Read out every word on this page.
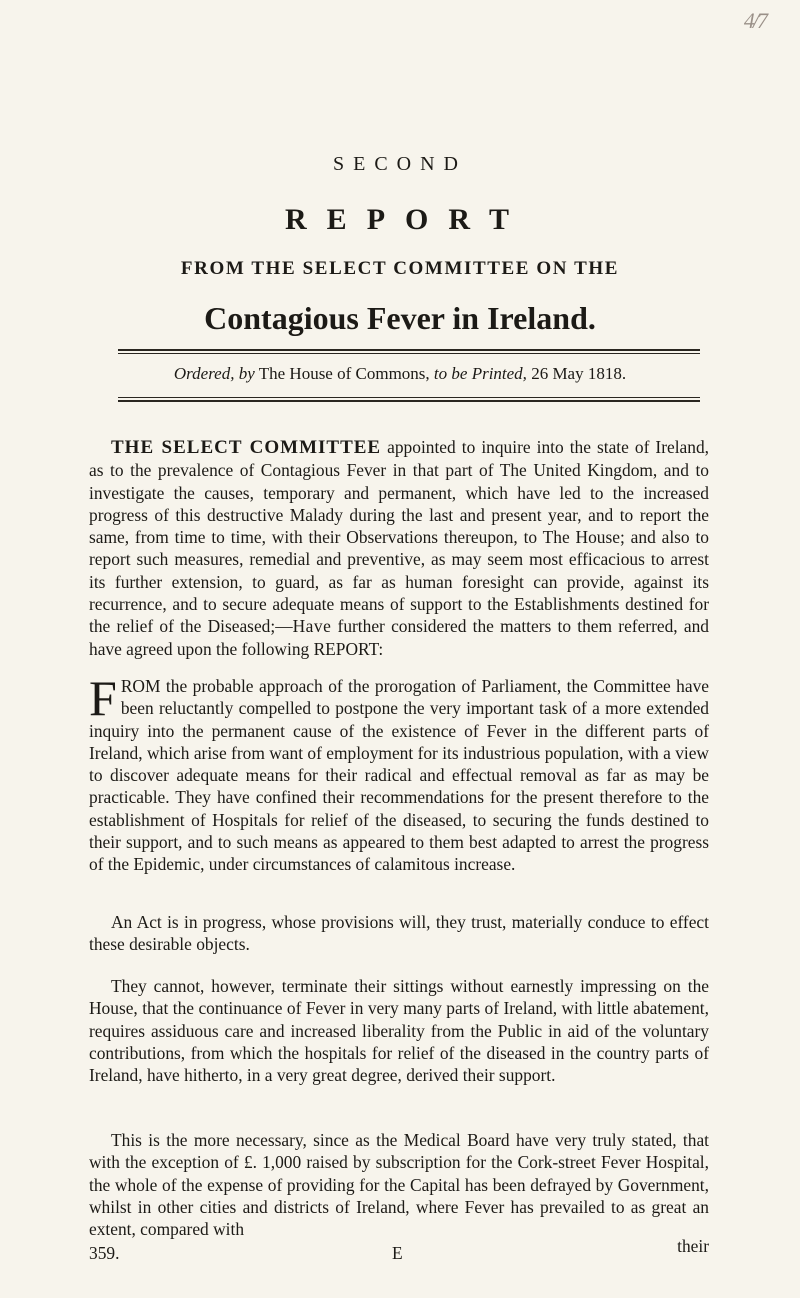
4/7
SECOND
REPORT
FROM THE SELECT COMMITTEE ON THE
Contagious Fever in Ireland.
Ordered, by The House of Commons, to be Printed, 26 May 1818.
THE SELECT COMMITTEE appointed to inquire into the state of Ireland, as to the prevalence of Contagious Fever in that part of The United Kingdom, and to investigate the causes, temporary and permanent, which have led to the increased progress of this destructive Malady during the last and present year, and to report the same, from time to time, with their Observations thereupon, to The House; and also to report such measures, remedial and preventive, as may seem most efficacious to arrest its further extension, to guard, as far as human foresight can provide, against its recurrence, and to secure adequate means of support to the Establishments destined for the relief of the Diseased;—Have further considered the matters to them referred, and have agreed upon the following REPORT:
FROM the probable approach of the prorogation of Parliament, the Committee have been reluctantly compelled to postpone the very important task of a more extended inquiry into the permanent cause of the existence of Fever in the different parts of Ireland, which arise from want of employment for its industrious population, with a view to discover adequate means for their radical and effectual removal as far as may be practicable. They have confined their recommendations for the present therefore to the establishment of Hospitals for relief of the diseased, to securing the funds destined to their support, and to such means as appeared to them best adapted to arrest the progress of the Epidemic, under circumstances of calamitous increase.
An Act is in progress, whose provisions will, they trust, materially conduce to effect these desirable objects.
They cannot, however, terminate their sittings without earnestly impressing on the House, that the continuance of Fever in very many parts of Ireland, with little abatement, requires assiduous care and increased liberality from the Public in aid of the voluntary contributions, from which the hospitals for relief of the diseased in the country parts of Ireland, have hitherto, in a very great degree, derived their support.
This is the more necessary, since as the Medical Board have very truly stated, that with the exception of £. 1,000 raised by subscription for the Cork-street Fever Hospital, the whole of the expense of providing for the Capital has been defrayed by Government, whilst in other cities and districts of Ireland, where Fever has prevailed to as great an extent, compared with
359.	E	their
